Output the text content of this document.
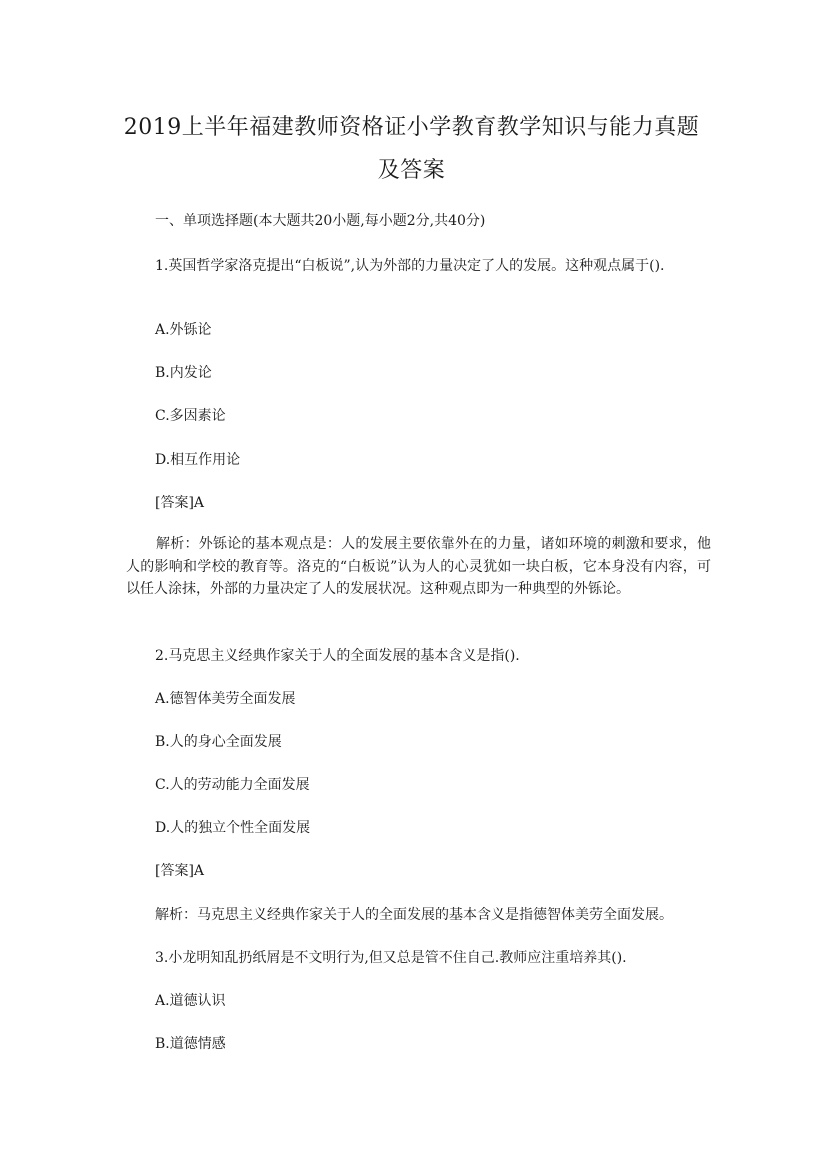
2019上半年福建教师资格证小学教育教学知识与能力真题
及答案
一、单项选择题(本大题共20小题,每小题2分,共40分)
1.英国哲学家洛克提出“白板说”,认为外部的力量决定了人的发展。这种观点属于().
A.外铄论
B.内发论
C.多因素论
D.相互作用论
[答案]A
解析：外铄论的基本观点是：人的发展主要依靠外在的力量，诸如环境的刺激和要求，他人的影响和学校的教育等。洛克的“白板说”认为人的心灵犹如一块白板，它本身没有内容，可以任人涂抹，外部的力量决定了人的发展状况。这种观点即为一种典型的外铄论。
2.马克思主义经典作家关于人的全面发展的基本含义是指().
A.德智体美劳全面发展
B.人的身心全面发展
C.人的劳动能力全面发展
D.人的独立个性全面发展
[答案]A
解析：马克思主义经典作家关于人的全面发展的基本含义是指德智体美劳全面发展。
3.小龙明知乱扔纸屑是不文明行为,但又总是管不住自己.教师应注重培养其().
A.道德认识
B.道德情感
